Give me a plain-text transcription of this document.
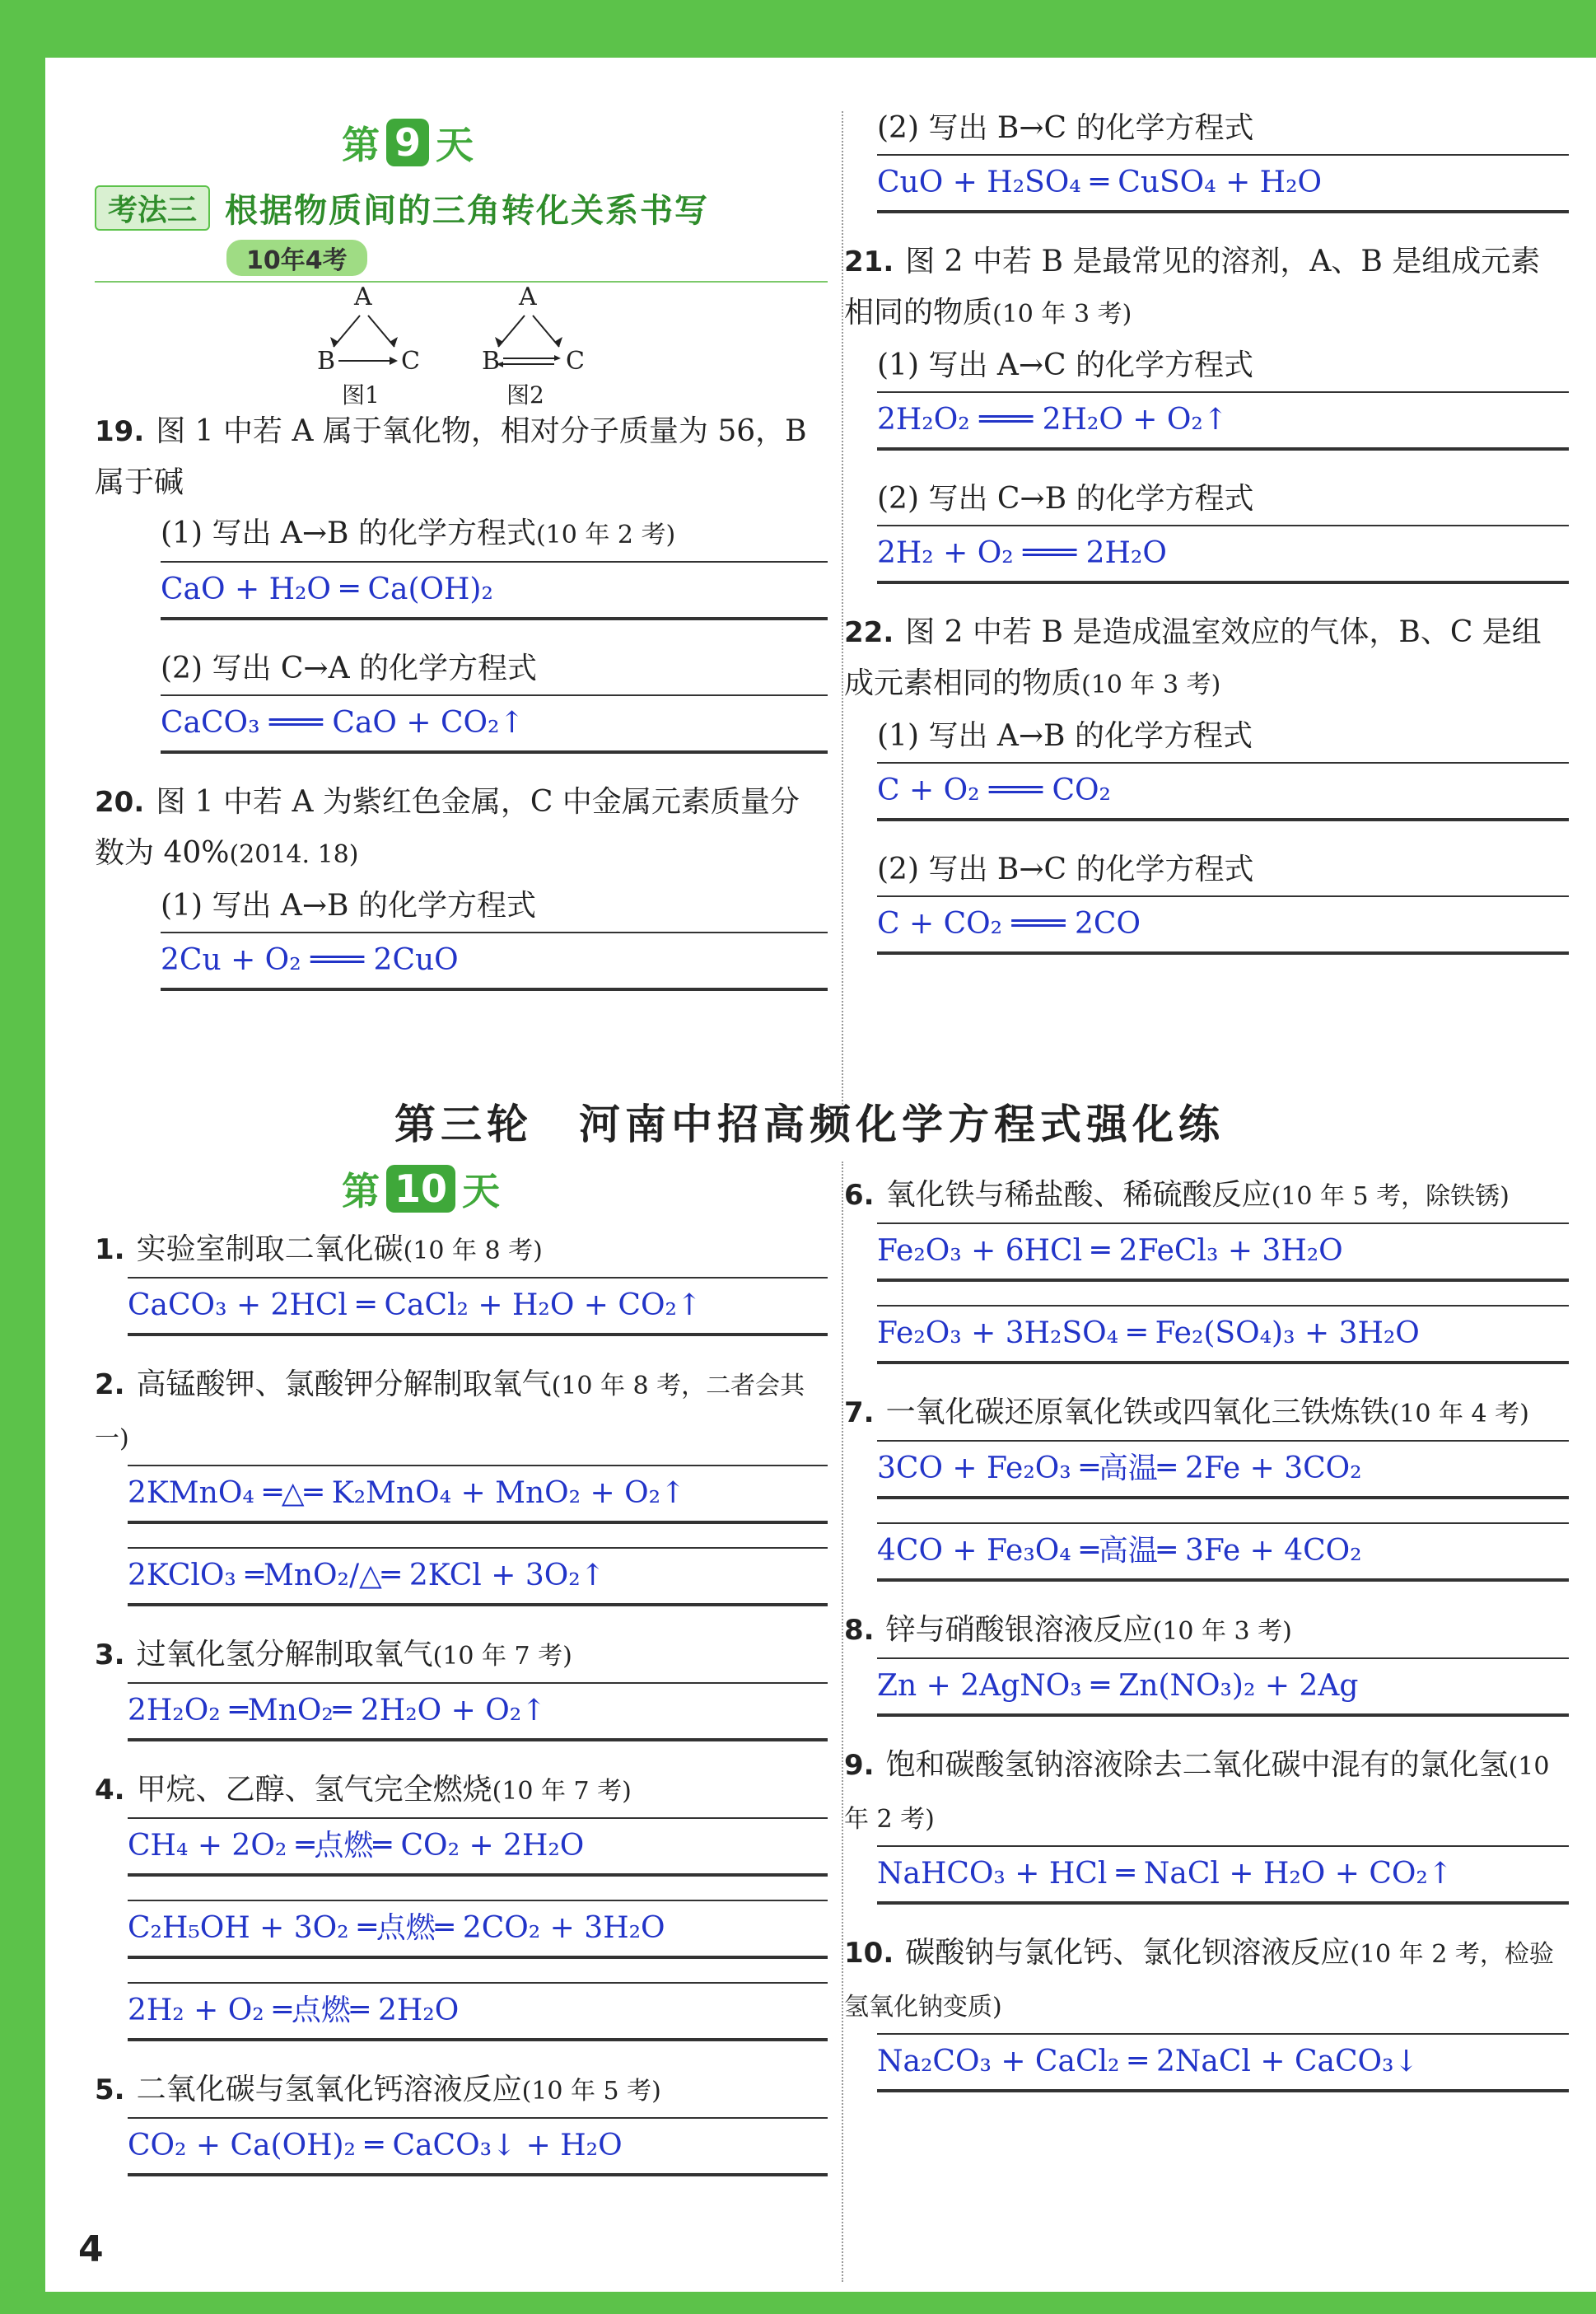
第 9 天
考法三 根据物质间的三角转化关系书写
10年4考
A
B	C
图1
A
B	C
图2
19. 图 1 中若 A 属于氧化物，相对分子质量为 56，B 属于碱
(1) 写出 A→B 的化学方程式(10 年 2 考)
CaO + H₂O ═ Ca(OH)₂
(2) 写出 C→A 的化学方程式
CaCO₃ ═══ CaO + CO₂↑
20. 图 1 中若 A 为紫红色金属，C 中金属元素质量分数为 40%(2014. 18)
(1) 写出 A→B 的化学方程式
2Cu + O₂ ═══ 2CuO
(2) 写出 B→C 的化学方程式
CuO + H₂SO₄ ═ CuSO₄ + H₂O
21. 图 2 中若 B 是最常见的溶剂，A、B 是组成元素相同的物质(10 年 3 考)
(1) 写出 A→C 的化学方程式
2H₂O₂ ═══ 2H₂O + O₂↑
(2) 写出 C→B 的化学方程式
2H₂ + O₂ ═══ 2H₂O
22. 图 2 中若 B 是造成温室效应的气体，B、C 是组成元素相同的物质(10 年 3 考)
(1) 写出 A→B 的化学方程式
C + O₂ ═══ CO₂
(2) 写出 B→C 的化学方程式
C + CO₂ ═══ 2CO
第三轮　河南中招高频化学方程式强化练
第 10 天
1. 实验室制取二氧化碳(10 年 8 考)
CaCO₃ + 2HCl ═ CaCl₂ + H₂O + CO₂↑
2. 高锰酸钾、氯酸钾分解制取氧气(10 年 8 考，二者会其一)
2KMnO₄ ═△═ K₂MnO₄ + MnO₂ + O₂↑
2KClO₃ ═MnO₂/△═ 2KCl + 3O₂↑
3. 过氧化氢分解制取氧气(10 年 7 考)
2H₂O₂ ═MnO₂═ 2H₂O + O₂↑
4. 甲烷、乙醇、氢气完全燃烧(10 年 7 考)
CH₄ + 2O₂ ═点燃═ CO₂ + 2H₂O
C₂H₅OH + 3O₂ ═点燃═ 2CO₂ + 3H₂O
2H₂ + O₂ ═点燃═ 2H₂O
5. 二氧化碳与氢氧化钙溶液反应(10 年 5 考)
CO₂ + Ca(OH)₂ ═ CaCO₃↓ + H₂O
6. 氧化铁与稀盐酸、稀硫酸反应(10 年 5 考，除铁锈)
Fe₂O₃ + 6HCl ═ 2FeCl₃ + 3H₂O
Fe₂O₃ + 3H₂SO₄ ═ Fe₂(SO₄)₃ + 3H₂O
7. 一氧化碳还原氧化铁或四氧化三铁炼铁(10 年 4 考)
3CO + Fe₂O₃ ═高温═ 2Fe + 3CO₂
4CO + Fe₃O₄ ═高温═ 3Fe + 4CO₂
8. 锌与硝酸银溶液反应(10 年 3 考)
Zn + 2AgNO₃ ═ Zn(NO₃)₂ + 2Ag
9. 饱和碳酸氢钠溶液除去二氧化碳中混有的氯化氢(10 年 2 考)
NaHCO₃ + HCl ═ NaCl + H₂O + CO₂↑
10. 碳酸钠与氯化钙、氯化钡溶液反应(10 年 2 考，检验氢氧化钠变质)
Na₂CO₃ + CaCl₂ ═ 2NaCl + CaCO₃↓
4
